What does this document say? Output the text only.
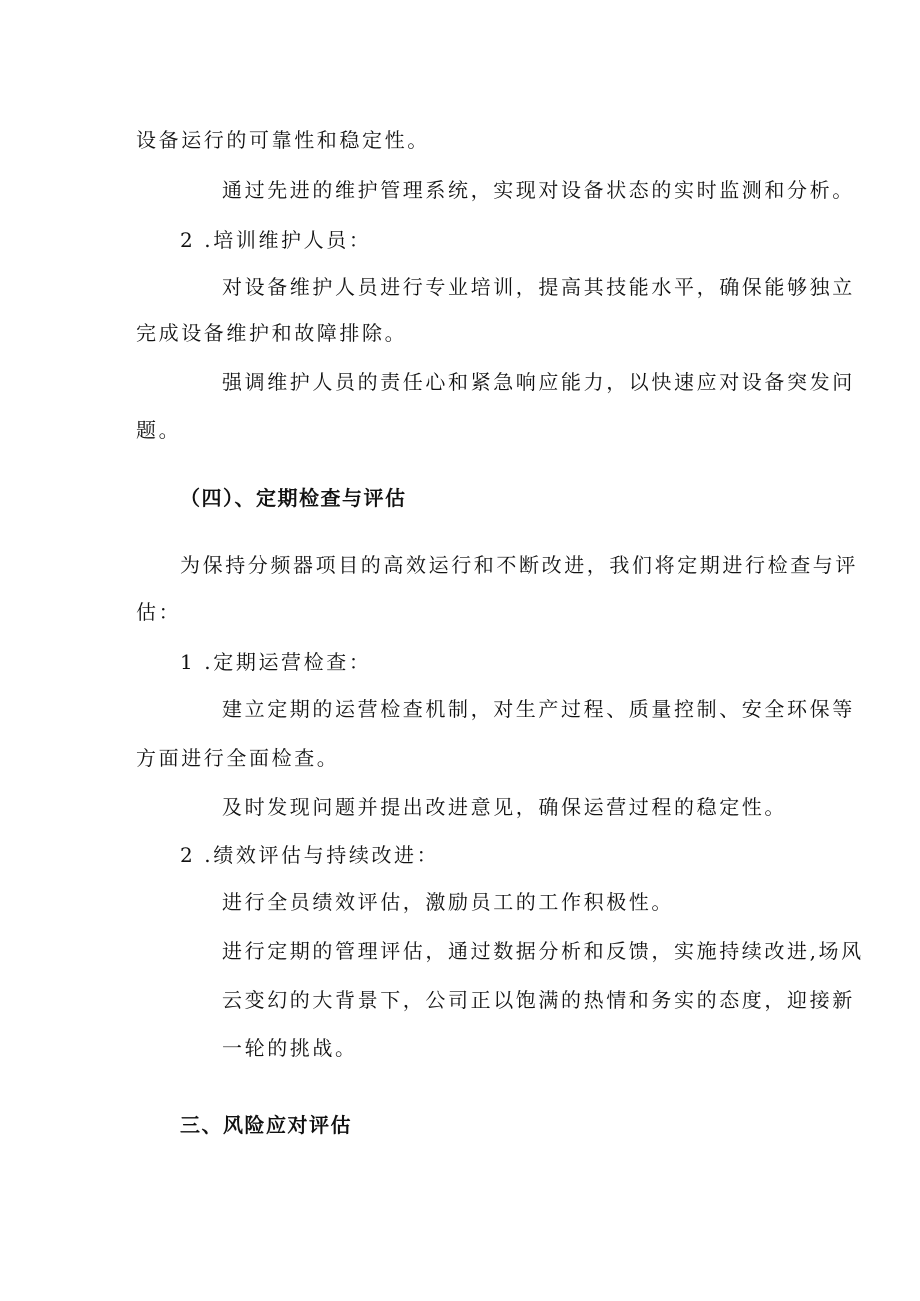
设备运行的可靠性和稳定性。

通过先进的维护管理系统，实现对设备状态的实时监测和分析。

2 .培训维护人员：

对设备维护人员进行专业培训，提高其技能水平，确保能够独立

完成设备维护和故障排除。

强调维护人员的责任心和紧急响应能力，以快速应对设备突发问

题。

（四）、定期检查与评估

为保持分频器项目的高效运行和不断改进，我们将定期进行检查与评

估：

1 .定期运营检查：

建立定期的运营检查机制，对生产过程、质量控制、安全环保等

方面进行全面检查。

及时发现问题并提出改进意见，确保运营过程的稳定性。

2 .绩效评估与持续改进：

进行全员绩效评估，激励员工的工作积极性。

进行定期的管理评估，通过数据分析和反馈，实施持续改进,场风

云变幻的大背景下，公司正以饱满的热情和务实的态度，迎接新

一轮的挑战。

三、风险应对评估
